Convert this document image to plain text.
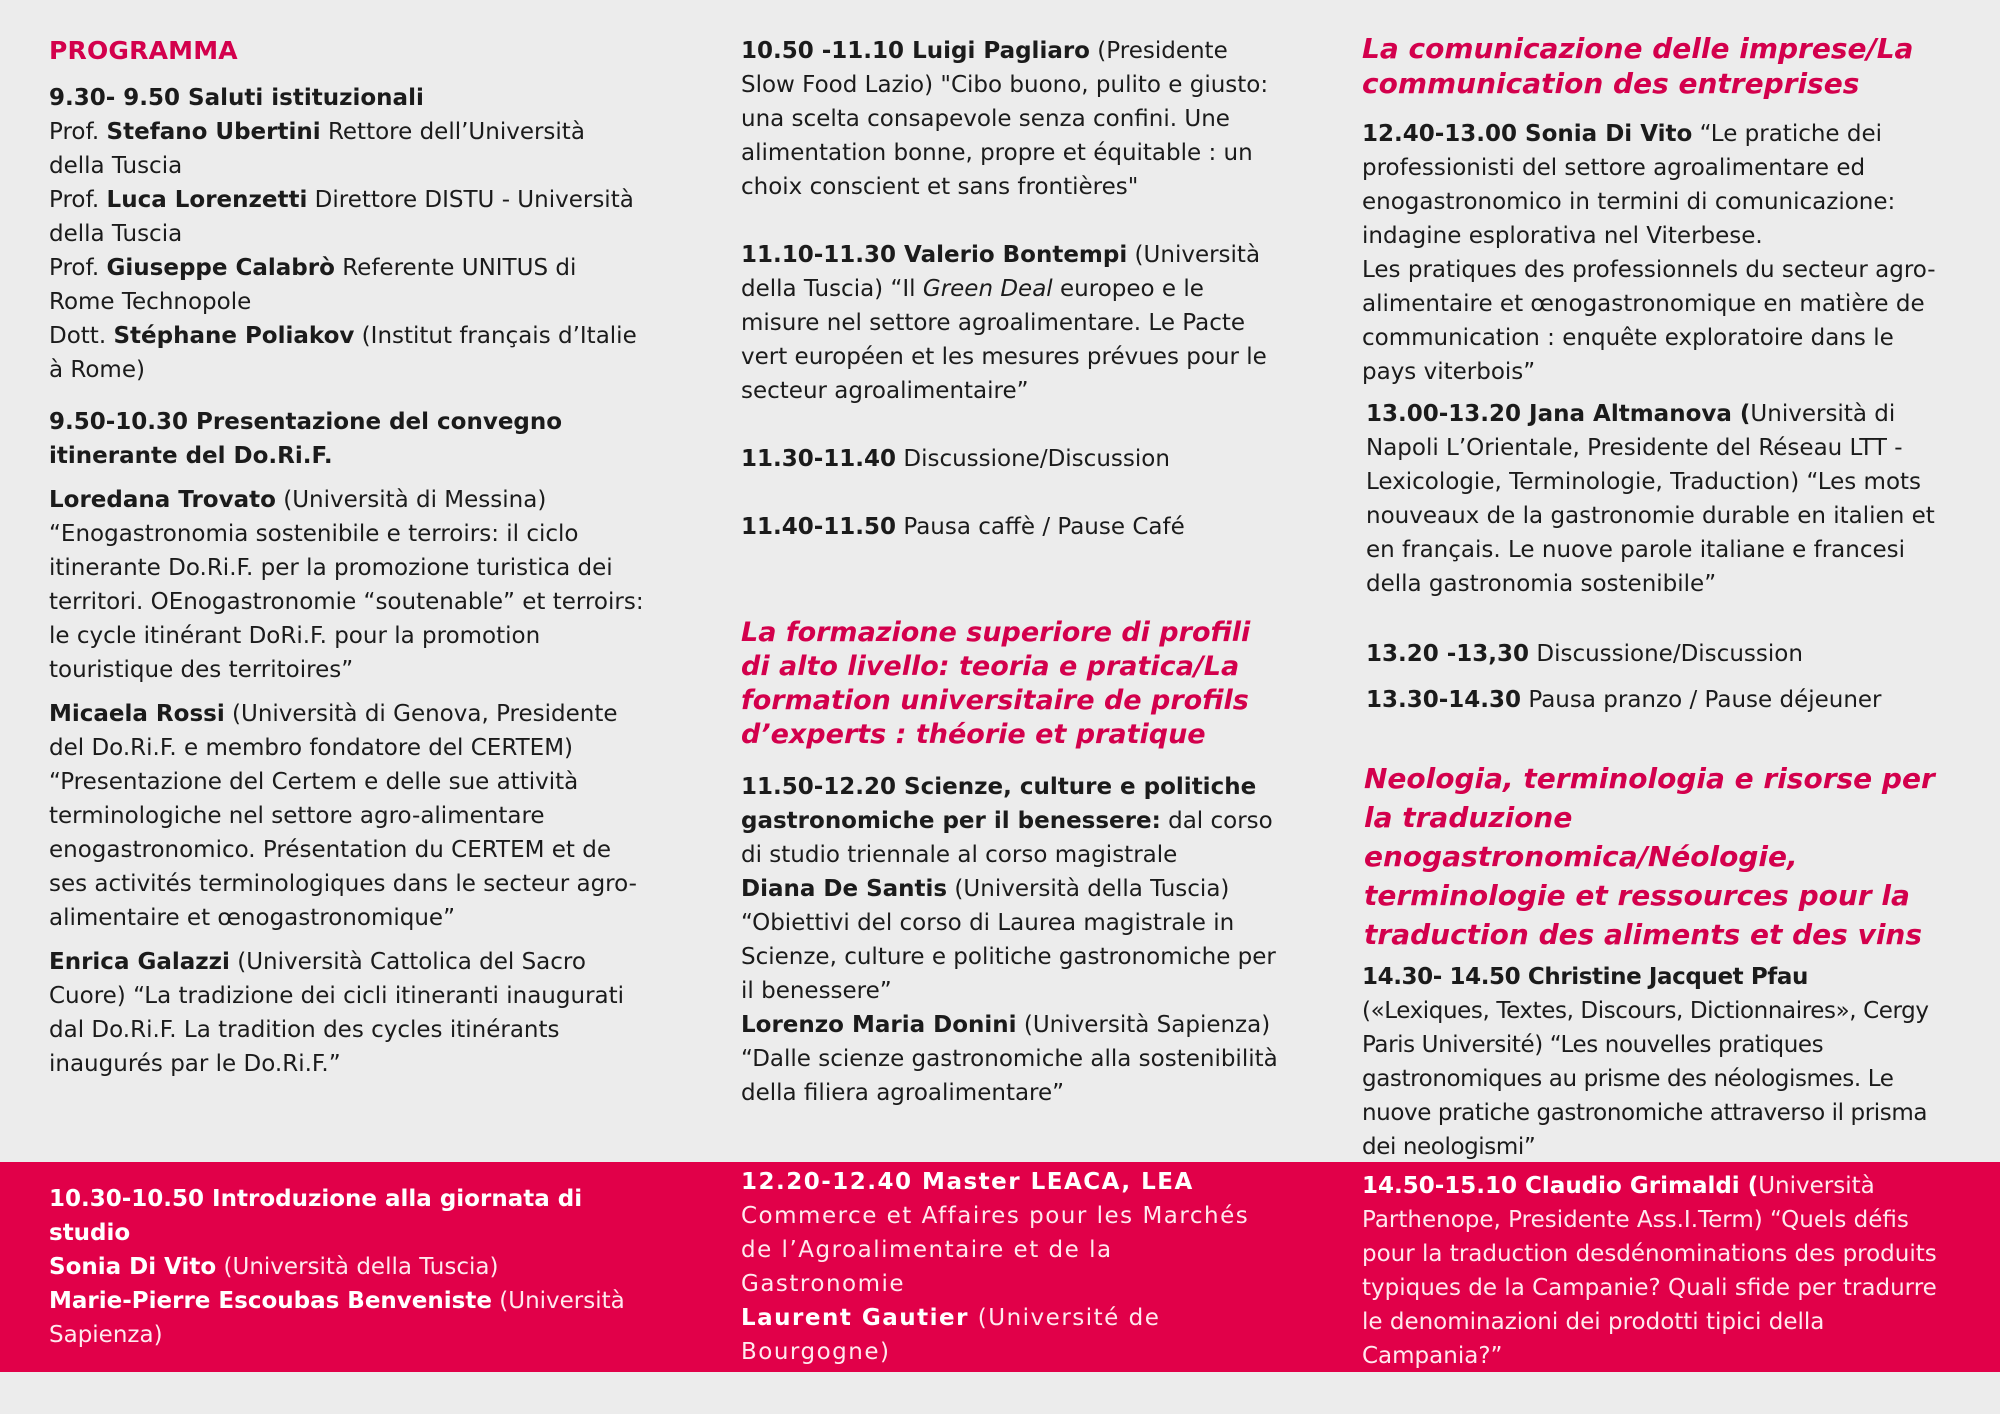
PROGRAMMA

9.30- 9.50 Saluti istituzionali

Prof. Stefano Ubertini Rettore dell’Università della Tuscia

Prof. Luca Lorenzetti Direttore DISTU - Università della Tuscia

Prof. Giuseppe Calabrò Referente UNITUS di Rome Technopole

Dott. Stéphane Poliakov (Institut français d’Italie à Rome)

9.50-10.30 Presentazione del convegno itinerante del Do.Ri.F.

Loredana Trovato (Università di Messina) “Enogastronomia sostenibile e terroirs: il ciclo itinerante Do.Ri.F. per la promozione turistica dei territori. OEnogastronomie “soutenable” et terroirs: le cycle itinérant DoRi.F. pour la promotion touristique des territoires”

Micaela Rossi (Università di Genova, Presidente del Do.Ri.F. e membro fondatore del CERTEM) “Presentazione del Certem e delle sue attività terminologiche nel settore agro-alimentare enogastronomico. Présentation du CERTEM et de ses activités terminologiques dans le secteur agro-alimentaire et œnogastronomique”

Enrica Galazzi (Università Cattolica del Sacro Cuore) “La tradizione dei cicli itineranti inaugurati dal Do.Ri.F. La tradition des cycles itinérants inaugurés par le Do.Ri.F.”

10.50 -11.10 Luigi Pagliaro (Presidente Slow Food Lazio) "Cibo buono, pulito e giusto: una scelta consapevole senza confini. Une alimentation bonne, propre et équitable : un choix conscient et sans frontières"

11.10-11.30 Valerio Bontempi (Università della Tuscia) “Il Green Deal europeo e le misure nel settore agroalimentare. Le Pacte vert européen et les mesures prévues pour le secteur agroalimentaire”

11.30-11.40 Discussione/Discussion

11.40-11.50 Pausa caffè / Pause Café

La formazione superiore di profili di alto livello: teoria e pratica/La formation universitaire de profils d’experts : théorie et pratique

11.50-12.20 Scienze, culture e politiche gastronomiche per il benessere: dal corso di studio triennale al corso magistrale

Diana De Santis (Università della Tuscia) “Obiettivi del corso di Laurea magistrale in Scienze, culture e politiche gastronomiche per il benessere”

Lorenzo Maria Donini (Università Sapienza) “Dalle scienze gastronomiche alla sostenibilità della filiera agroalimentare”

La comunicazione delle imprese/La communication des entreprises

12.40-13.00 Sonia Di Vito “Le pratiche dei professionisti del settore agroalimentare ed enogastronomico in termini di comunicazione: indagine esplorativa nel Viterbese.

Les pratiques des professionnels du secteur agro-alimentaire et œnogastronomique en matière de communication : enquête exploratoire dans le pays viterbois”

13.00-13.20 Jana Altmanova (Università di Napoli L’Orientale, Presidente del Réseau LTT - Lexicologie, Terminologie, Traduction) “Les mots nouveaux de la gastronomie durable en italien et en français. Le nuove parole italiane e francesi della gastronomia sostenibile”

13.20 -13,30 Discussione/Discussion

13.30-14.30 Pausa pranzo / Pause déjeuner

Neologia, terminologia e risorse per la traduzione enogastronomica/Néologie, terminologie et ressources pour la traduction des aliments et des vins

14.30- 14.50 Christine Jacquet Pfau («Lexiques, Textes, Discours, Dictionnaires», Cergy Paris Université) “Les nouvelles pratiques gastronomiques au prisme des néologismes. Le nuove pratiche gastronomiche attraverso il prisma dei neologismi”

10.30-10.50 Introduzione alla giornata di studio
Sonia Di Vito (Università della Tuscia)
Marie-Pierre Escoubas Benveniste (Università Sapienza)
12.20-12.40 Master LEACA, LEA
Commerce et Affaires pour les Marchés de l’Agroalimentaire et de la Gastronomie
Laurent Gautier (Université de Bourgogne)
14.50-15.10 Claudio Grimaldi (Università Parthenope, Presidente Ass.I.Term) “Quels défis pour la traduction desdénominations des produits typiques de la Campanie? Quali sfide per tradurre le denominazioni dei prodotti tipici della Campania?”
